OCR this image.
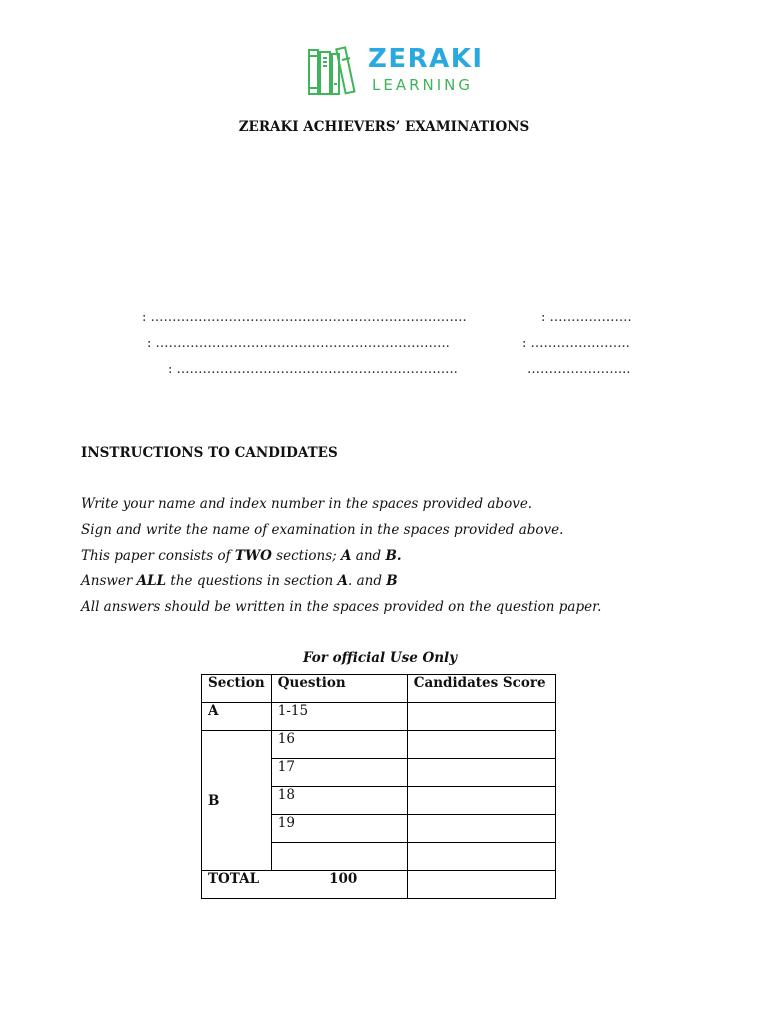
ZERAKI
LEARNING
ZERAKI ACHIEVERS’ EXAMINATIONS
: ……………………………………………………………….	: ……………….
: …………………………………………………………..	: …………………..
: ………………………………………………………..	…………………...
INSTRUCTIONS TO CANDIDATES
Write your name and index number in the spaces provided above.
Sign and write the name of examination in the spaces provided above.
This paper consists of TWO sections; A and B.
Answer ALL the questions in section A. and B
All answers should be written in the spaces provided on the question paper.
For official Use Only
Section	Question	Candidates Score
A	1-15	
B	16	
	17	
	18	
	19	

TOTAL 100		
